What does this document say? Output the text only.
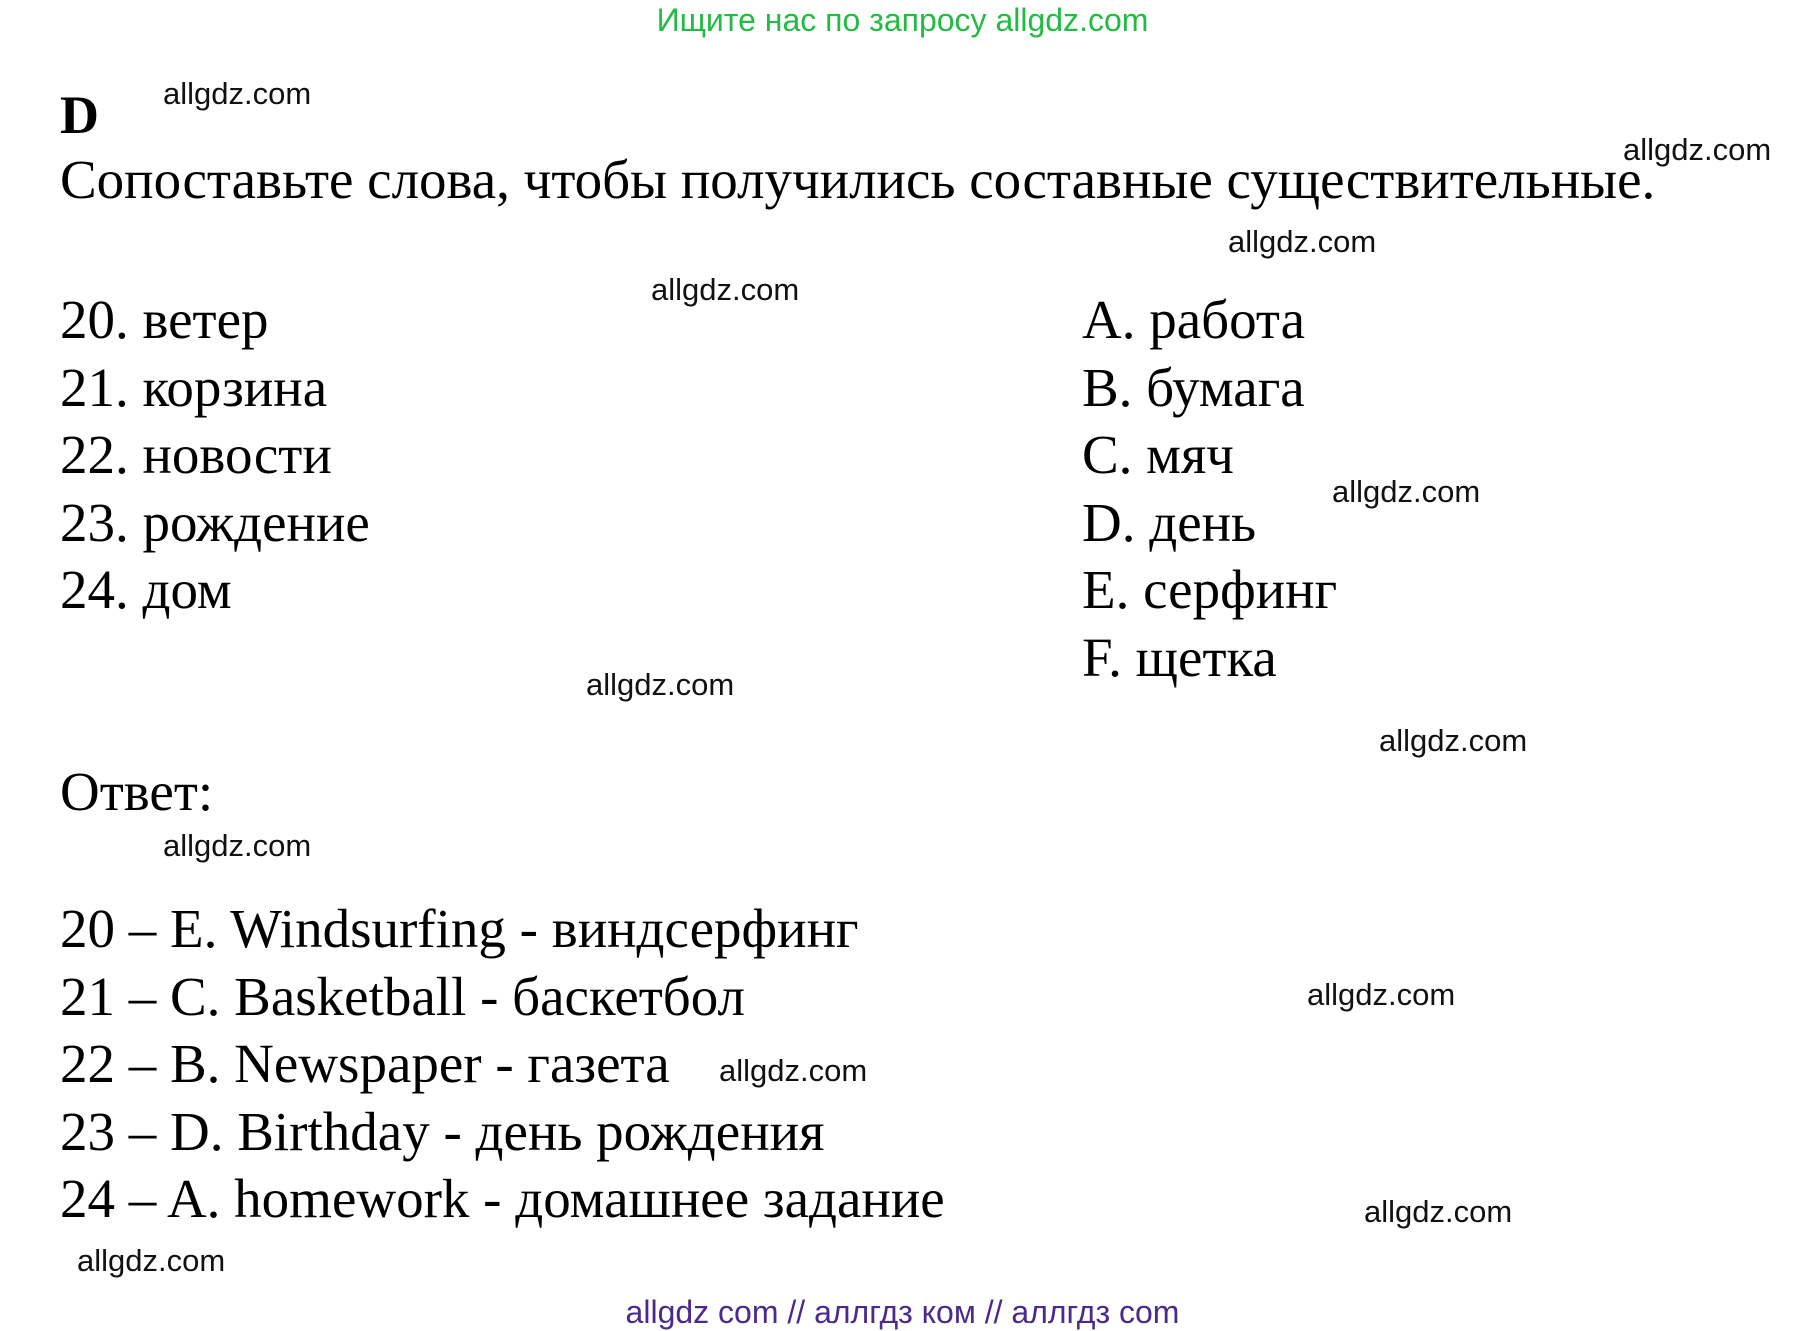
Ищите нас по запросу allgdz.com
D
Сопоставьте слова, чтобы получились составные существительные.
20. ветер
21. корзина
22. новости
23. рождение
24. дом
A. работа
B. бумага
C. мяч
D. день
E. серфинг
F. щетка
Ответ:
20 – E. Windsurfing - виндсерфинг
21 – C. Basketball - баскетбол
22 – B. Newspaper - газета
23 – D. Birthday - день рождения
24 – A. homework - домашнее задание
allgdz.com
allgdz.com
allgdz.com
allgdz.com
allgdz.com
allgdz.com
allgdz.com
allgdz.com
allgdz.com
allgdz.com
allgdz.com
allgdz.com
allgdz com // аллгдз ком // аллгдз com
